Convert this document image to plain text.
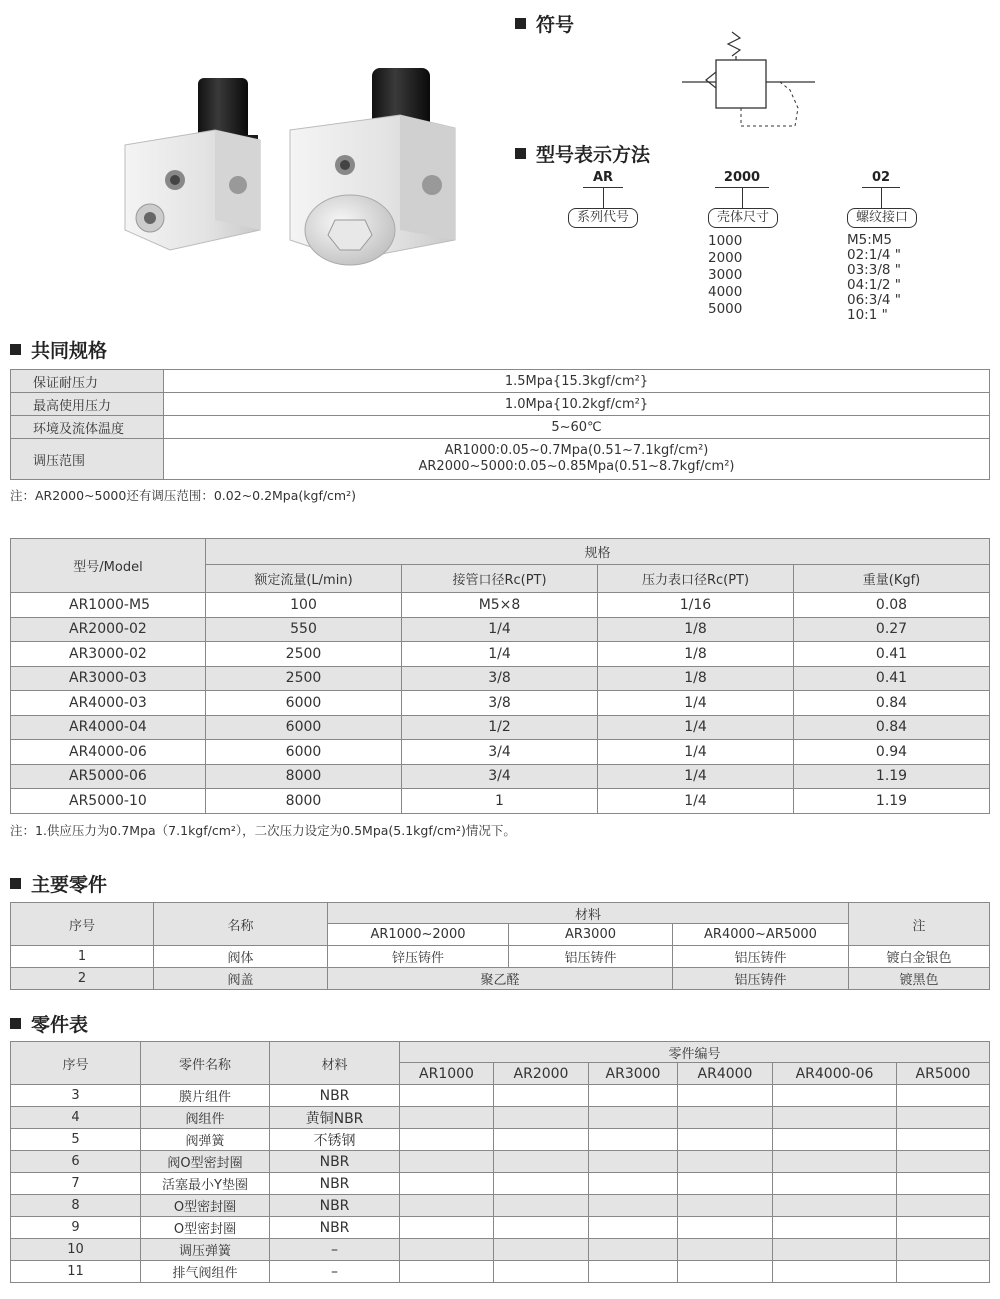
符号
型号表示方法
AR
系列代号
2000
壳体尺寸
1000
2000
3000
4000
5000
02
螺纹接口
M5:M5
02:1/4 "
03:3/8 "
04:1/2 "
06:3/4 "
10:1 "
共同规格
保证耐压力	1.5Mpa{15.3kgf/cm²}
最高使用压力	1.0Mpa{10.2kgf/cm²}
环境及流体温度	5~60℃
调压范围	AR1000:0.05~0.7Mpa(0.51~7.1kgf/cm²)
AR2000~5000:0.05~0.85Mpa(0.51~8.7kgf/cm²)
注：AR2000~5000还有调压范围：0.02~0.2Mpa(kgf/cm²)
型号/Model	规格			
	额定流量(L/min)	接管口径Rc(PT)	压力表口径Rc(PT)	重量(Kgf)
AR1000-M5	100	M5×8	1/16	0.08
AR2000-02	550	1/4	1/8	0.27
AR3000-02	2500	1/4	1/8	0.41
AR3000-03	2500	3/8	1/8	0.41
AR4000-03	6000	3/8	1/4	0.84
AR4000-04	6000	1/2	1/4	0.84
AR4000-06	6000	3/4	1/4	0.94
AR5000-06	8000	3/4	1/4	1.19
AR5000-10	8000	1	1/4	1.19
注：1.供应压力为0.7Mpa（7.1kgf/cm²），二次压力设定为0.5Mpa(5.1kgf/cm²)情况下。
主要零件
序号	名称	材料			注
		AR1000~2000	AR3000	AR4000~AR5000	
1	阀体	锌压铸件	铝压铸件	铝压铸件	镀白金银色
2	阀盖	聚乙醛		铝压铸件	镀黑色
零件表
序号	零件名称	材料	零件编号					
			AR1000	AR2000	AR3000	AR4000	AR4000-06	AR5000
3	膜片组件	NBR						
4	阀组件	黄铜NBR						
5	阀弹簧	不锈钢						
6	阀O型密封圈	NBR						
7	活塞最小Y垫圈	NBR						
8	O型密封圈	NBR						
9	O型密封圈	NBR						
10	调压弹簧	–						
11	排气阀组件	–						
